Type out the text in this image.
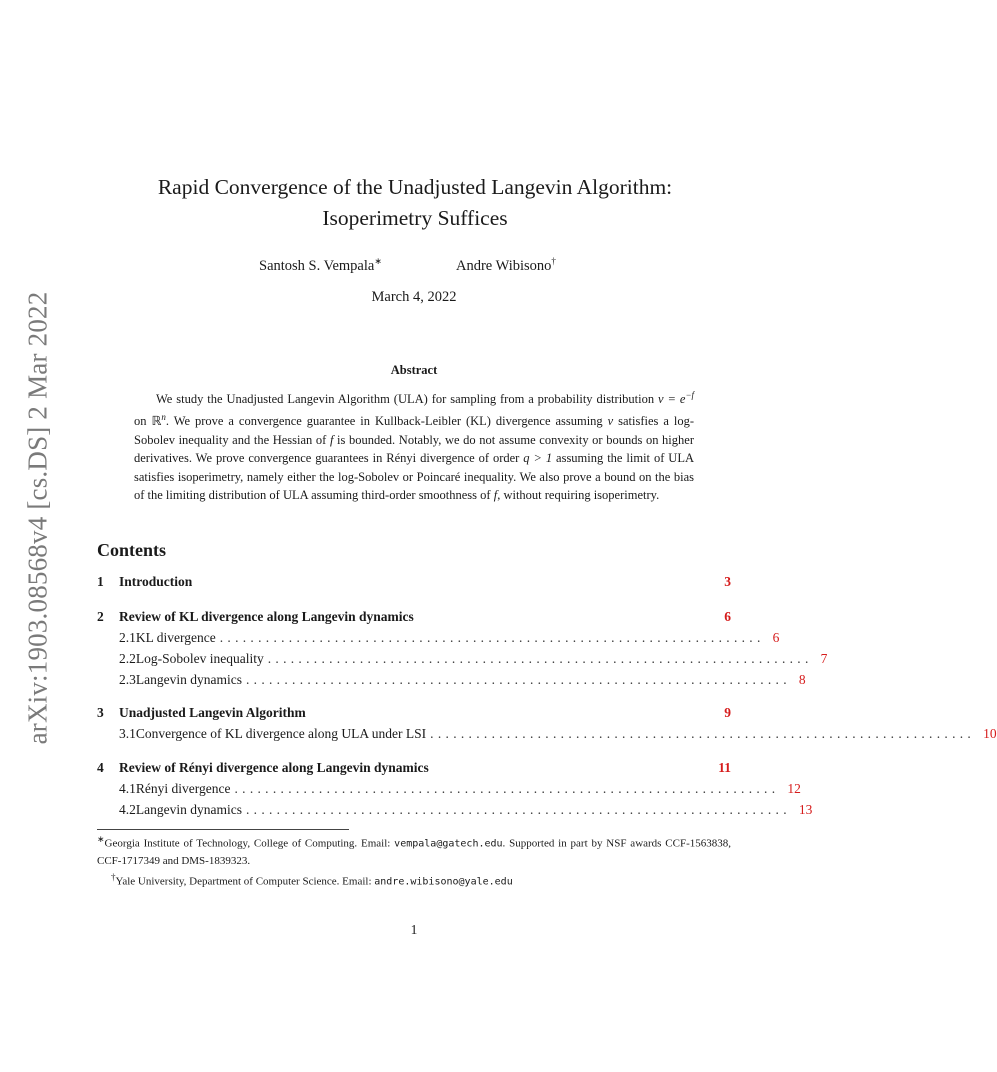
arXiv:1903.08568v4 [cs.DS] 2 Mar 2022
Rapid Convergence of the Unadjusted Langevin Algorithm:
Isoperimetry Suffices
Santosh S. Vempala∗	Andre Wibisono†
March 4, 2022
Abstract
We study the Unadjusted Langevin Algorithm (ULA) for sampling from a probability distribution $\nu = e^{-f}$ on ℝ$^n$. We prove a convergence guarantee in Kullback-Leibler (KL) divergence assuming ν satisfies a log-Sobolev inequality and the Hessian of f is bounded. Notably, we do not assume convexity or bounds on higher derivatives. We prove convergence guarantees in Rényi divergence of order q > 1 assuming the limit of ULA satisfies isoperimetry, namely either the log-Sobolev or Poincaré inequality. We also prove a bound on the bias of the limiting distribution of ULA assuming third-order smoothness of f, without requiring isoperimetry.
Contents
1	Introduction	3
2	Review of KL divergence along Langevin dynamics	6
2.1 KL divergence ....................................................................... 6
2.2 Log-Sobolev inequality ....................................................................... 7
2.3 Langevin dynamics ....................................................................... 8
3	Unadjusted Langevin Algorithm	9
3.1 Convergence of KL divergence along ULA under LSI ....................................................................... 10
4	Review of Rényi divergence along Langevin dynamics	11
4.1 Rényi divergence ....................................................................... 12
4.2 Langevin dynamics ....................................................................... 13
∗Georgia Institute of Technology, College of Computing. Email: vempala@gatech.edu. Supported in part by NSF awards CCF-1563838, CCF-1717349 and DMS-1839323.
†Yale University, Department of Computer Science. Email: andre.wibisono@yale.edu
1
